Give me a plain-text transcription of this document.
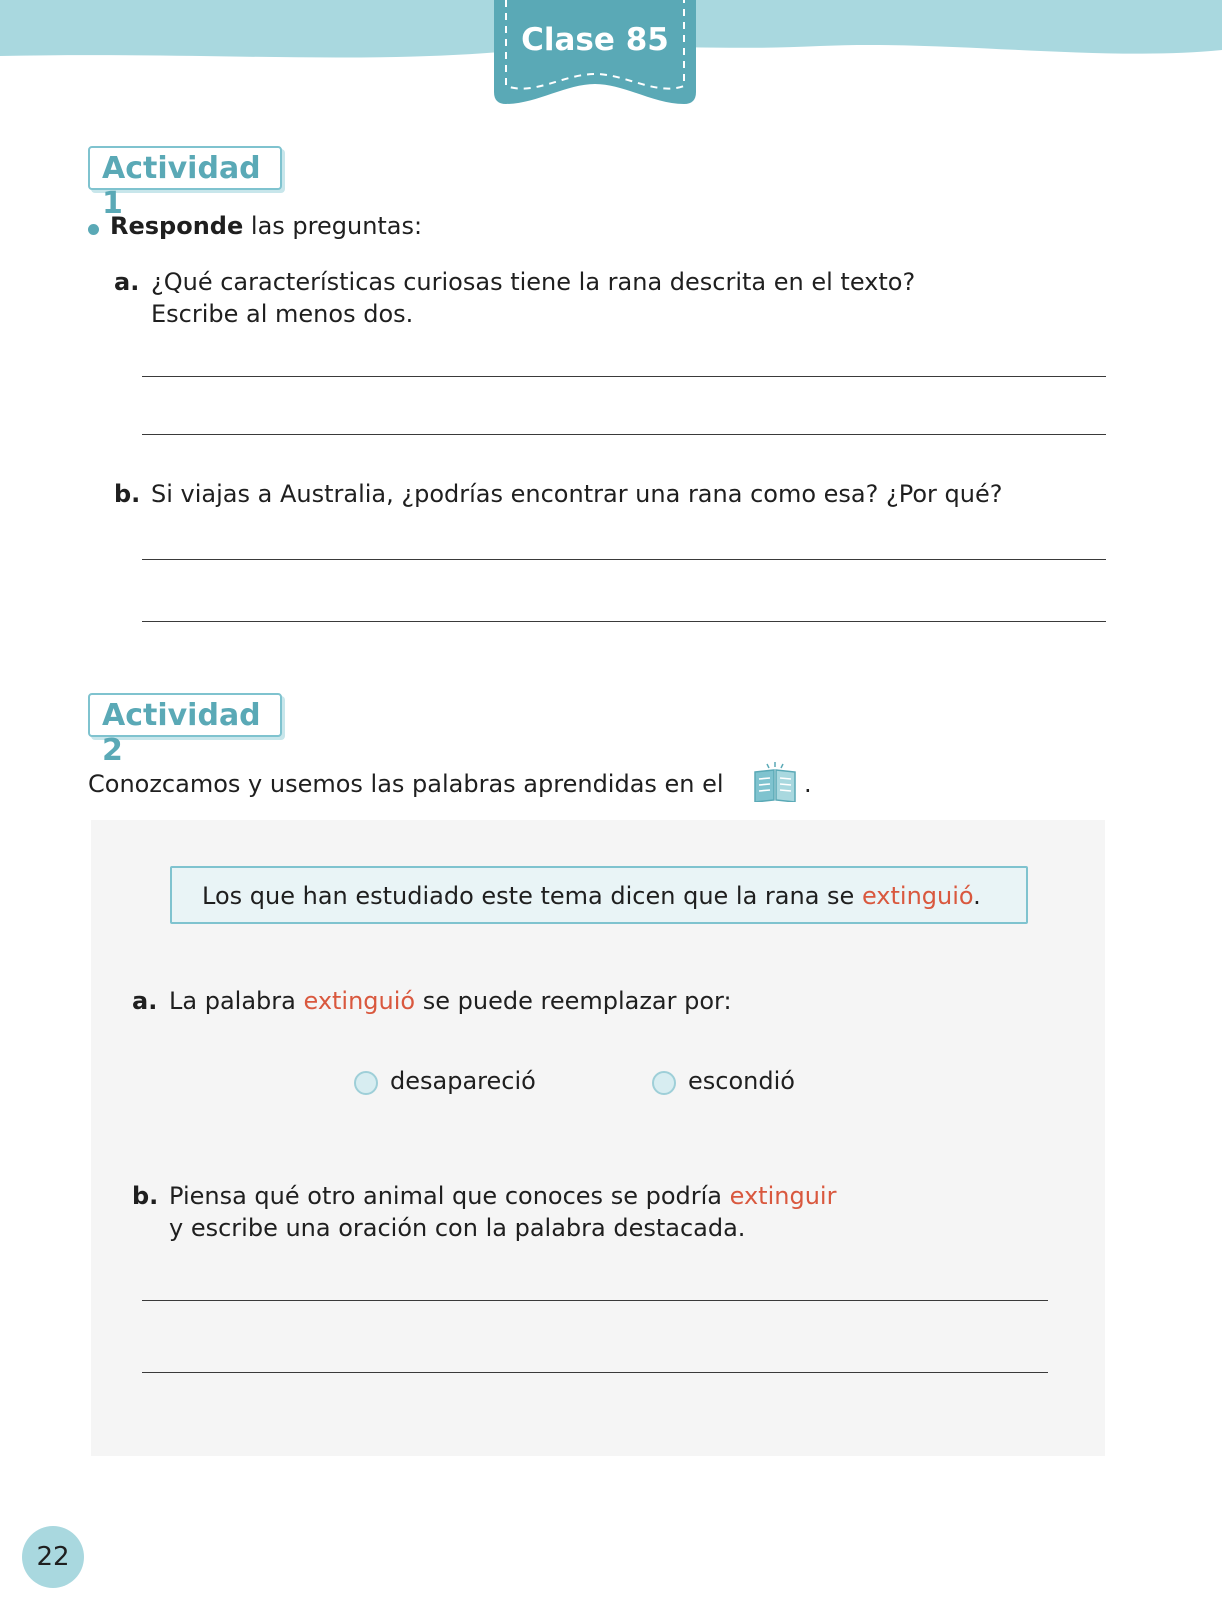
Clase 85
Actividad 1
Responde las preguntas:
a. ¿Qué características curiosas tiene la rana descrita en el texto?
Escribe al menos dos.
b. Si viajas a Australia, ¿podrías encontrar una rana como esa? ¿Por qué?
Actividad 2
Conozcamos y usemos las palabras aprendidas en el	.
Los que han estudiado este tema dicen que la rana se extinguió.
a. La palabra extinguió se puede reemplazar por:
desapareció	escondió
b. Piensa qué otro animal que conoces se podría extinguir
y escribe una oración con la palabra destacada.
22
